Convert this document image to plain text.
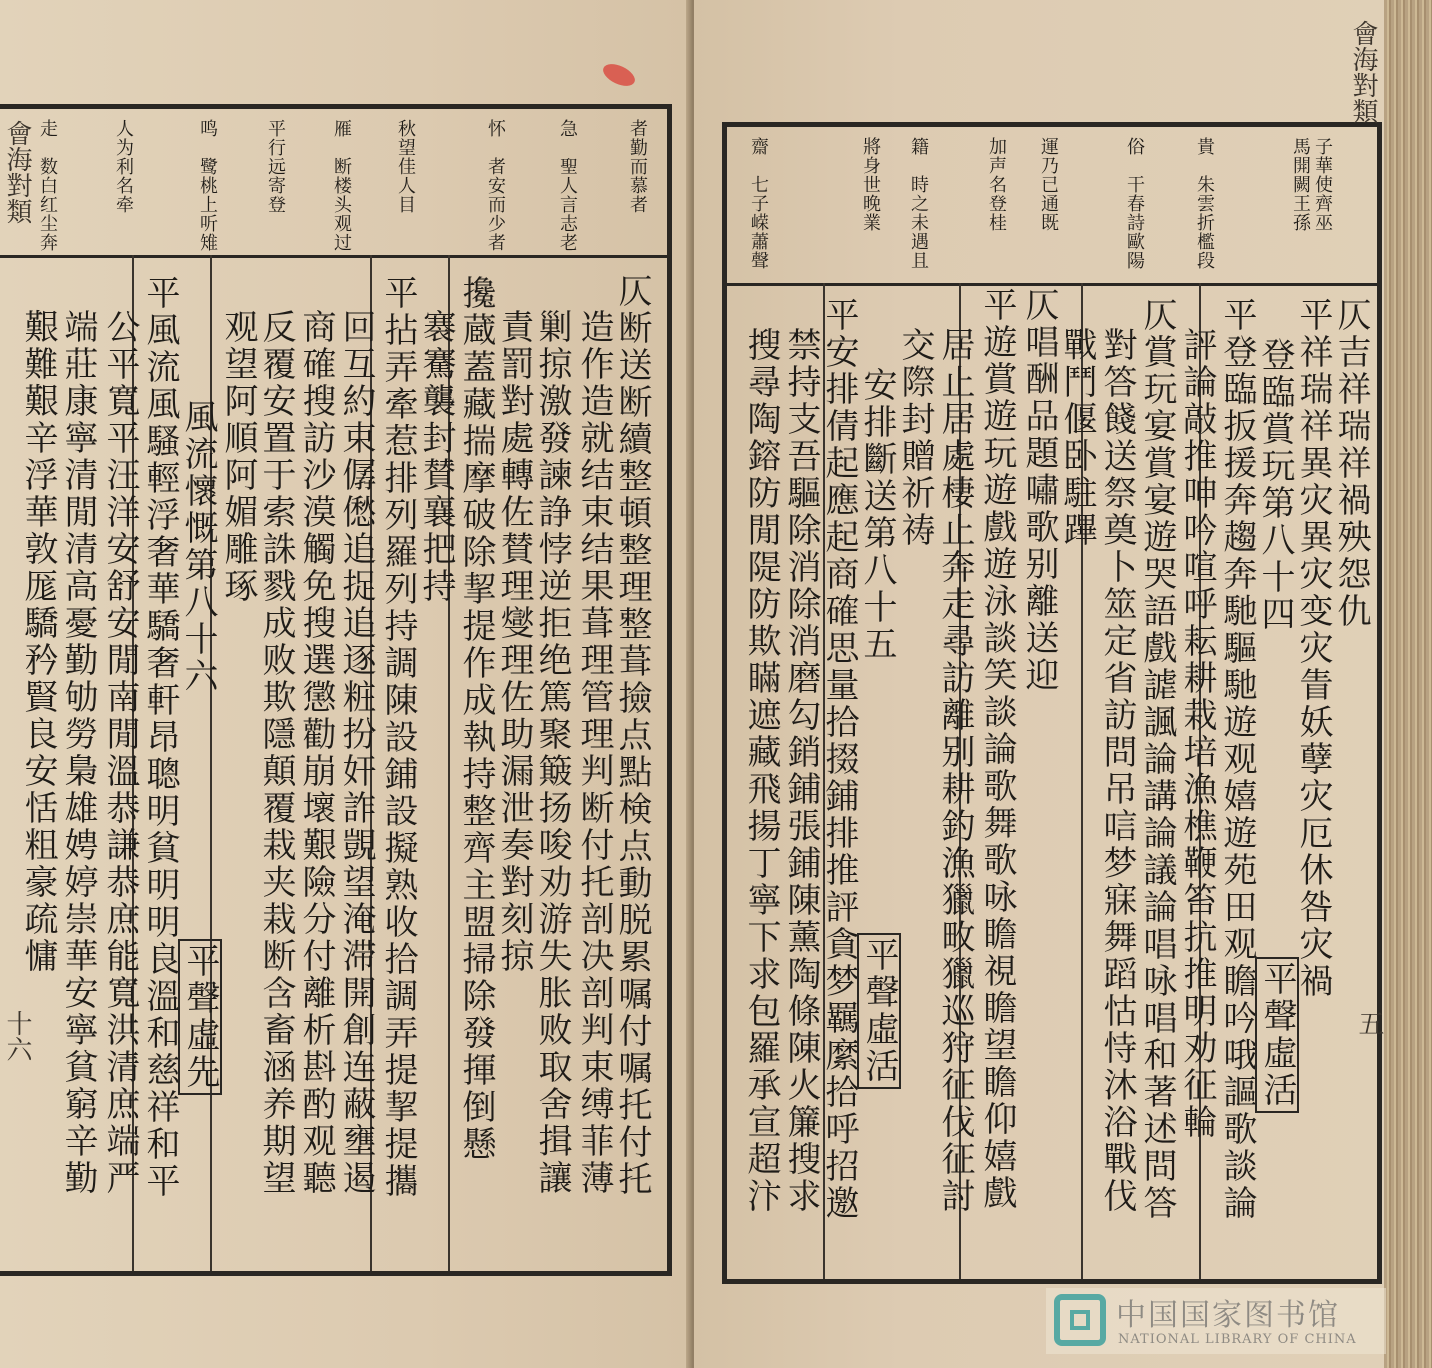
者勤而慕者
急　聖人言志老
怀　者安而少者
秋望佳人目
雁　断楼头观过
平行远寄登
鸣　鹭桃上听雉
人为利名牵
走　数白红尘奔
仄断送断續整頓整理整葺撿点點検点動脱累嘱付嘱托付托
造作造就结束结果葺理管理判断付托剖决剖判束缚菲薄
剿掠激發諫諍悖逆拒绝篤聚簸扬唆劝游失胀败取舍揖讓
責罰對處轉佐賛理燮理佐助漏泄奏對刻掠
攙蔵蓋藏揣摩破除挈提作成執持整齊主盟掃除發揮倒懸
褰騫襲封賛襄把持
平拈弄牽惹排列羅列持調陳設鋪設擬熟收拾調弄提挈提攜
回互約束僝僽追捉追逐粧扮奸詐覬望淹滞開創连蔽壅遏
商確搜訪沙漠觸免搜選懲勸崩壞艱險分付離析斟酌观聽
反覆安置于索誅戮成败欺隱顛覆栽夹栽断含畜涵养期望
观望阿順阿媚雕琢
風流懷慨第八十六
平風流風騷輕浮奢華驕奢軒昂聰明貧明明良溫和慈祥和平
公平寬平汪洋安舒安閒南閒溫恭謙恭庶能寬洪清庶端严
端莊康寧清閒清高憂勤劬勞梟雄娉婷崇華安寧貧窮辛勤
艱難艱辛浮華敦厖驕矜賢良安恬粗豪疏慵
平聲虛先
會海對類
十六
子華使齊巫
馬開闕王孫
貴　朱雲折檻段
俗　干春詩歐陽
運乃已通既
加声名登桂
籍　時之未遇且
將身世晚業
齋　七子嵘蕭聲
仄吉祥瑞祥禍殃怨仇
平祥瑞祥異灾異灾变灾眚妖孽灾厄休咎灾禍
登臨賞玩第八十四
平登臨扳援奔趨奔馳驅馳遊观嬉遊苑田观瞻吟哦謳歌談論
評論敲推呻吟喧呼耘耕栽培漁樵鞭笞抗推明劝征輪
仄賞玩宴賞宴遊哭語戲謔諷論講論議論唱咏唱和著述問答
對答餞送祭奠卜筮定省訪問吊唁梦寐舞蹈怙恃沐浴戰伐
戰鬥偃卧駐蹕
仄唱酬品題嘯歌别離送迎
平遊賞遊玩遊戲遊泳談笑談論歌舞歌咏瞻視瞻望瞻仰嬉戲
居止居處棲止奔走尋訪離别耕釣漁獵畋獵巡狩征伐征討
交際封贈祈祷
安排斷送第八十五
平安排倩起應起商確思量拾掇鋪排推評貪梦羈縻拾呼招邀
禁持支吾驅除消除消磨勾銷鋪張鋪陳薰陶條陳火簾搜求
搜尋陶鎔防閒隄防欺瞞遮藏飛揚丁寧下求包羅承宣超汴	平聲虛活
平聲虛活
會海對類
五
中国国家图书馆
NATIONAL LIBRARY OF CHINA
